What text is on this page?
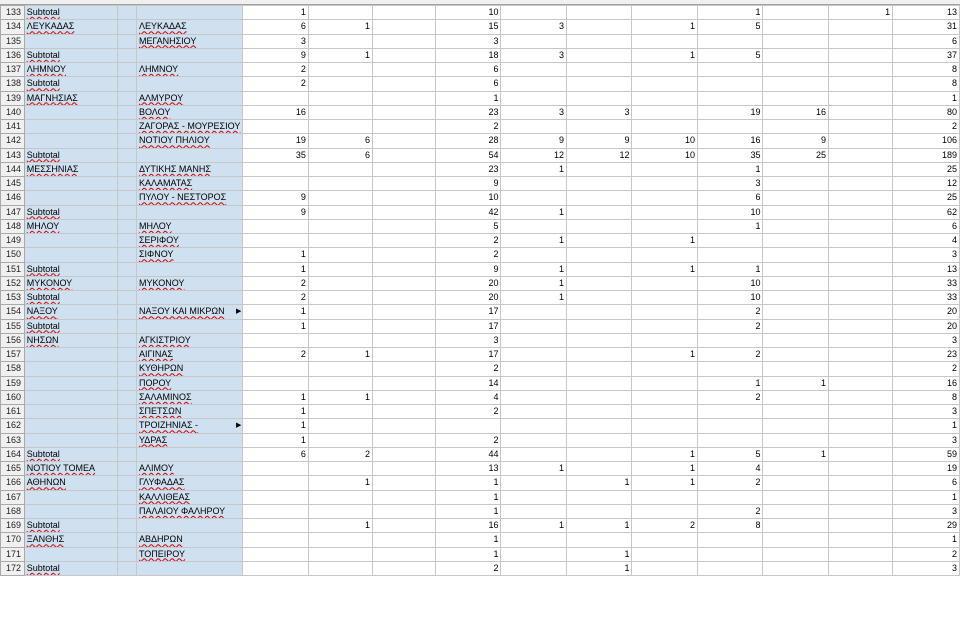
133	Subtotal			1			10				1		1	13
134	ΛΕΥΚΑΔΑΣ		ΛΕΥΚΑΔΑΣ	6	1		15	3		1	5			31
135			ΜΕΓΑΝΗΣΙΟΥ	3			3							6
136	Subtotal			9	1		18	3		1	5			37
137	ΛΗΜΝΟΥ		ΛΗΜΝΟΥ	2			6							8
138	Subtotal			2			6							8
139	ΜΑΓΝΗΣΙΑΣ		ΑΛΜΥΡΟΥ				1							1
140			ΒΟΛΟΥ	16			23	3	3		19	16		80
141			ΖΑΓΟΡΑΣ - ΜΟΥΡΕΣΙΟΥ				2							2
142			ΝΟΤΙΟΥ ΠΗΛΙΟΥ	19	6		28	9	9	10	16	9		106
143	Subtotal			35	6		54	12	12	10	35	25		189
144	ΜΕΣΣΗΝΙΑΣ		ΔΥΤΙΚΗΣ ΜΑΝΗΣ				23	1			1			25
145			ΚΑΛΑΜΑΤΑΣ				9				3			12
146			ΠΥΛΟΥ - ΝΕΣΤΟΡΟΣ	9			10				6			25
147	Subtotal			9			42	1			10			62
148	ΜΗΛΟΥ		ΜΗΛΟΥ				5				1			6
149			ΣΕΡΙΦΟΥ				2	1		1				4
150			ΣΙΦΝΟΥ	1			2							3
151	Subtotal			1			9	1		1	1			13
152	ΜΥΚΟΝΟΥ		ΜΥΚΟΝΟΥ	2			20	1			10			33
153	Subtotal			2			20	1			10			33
154	ΝΑΞΟΥ		ΝΑΞΟΥ ΚΑΙ ΜΙΚΡΩΝ ▶	1			17				2			20
155	Subtotal			1			17				2			20
156	ΝΗΣΩΝ		ΑΓΚΙΣΤΡΙΟΥ				3							3
157			ΑΙΓΙΝΑΣ	2	1		17			1	2			23
158			ΚΥΘΗΡΩΝ				2							2
159			ΠΟΡΟΥ				14				1	1		16
160			ΣΑΛΑΜΙΝΟΣ	1	1		4				2			8
161			ΣΠΕΤΣΩΝ	1			2							3
162			ΤΡΟΙΖΗΝΙΑΣ - ▶	1										1
163			ΥΔΡΑΣ	1			2							3
164	Subtotal			6	2		44			1	5	1		59
165	ΝΟΤΙΟΥ ΤΟΜΕΑ		ΑΛΙΜΟΥ				13	1		1	4			19
166	ΑΘΗΝΩΝ		ΓΛΥΦΑΔΑΣ		1		1		1	1	2			6
167			ΚΑΛΛΙΘΕΑΣ				1							1
168			ΠΑΛΑΙΟΥ ΦΑΛΗΡΟΥ				1				2			3
169	Subtotal				1		16	1	1	2	8			29
170	ΞΑΝΘΗΣ		ΑΒΔΗΡΩΝ				1							1
171			ΤΟΠΕΙΡΟΥ				1		1					2
172	Subtotal						2		1					3
